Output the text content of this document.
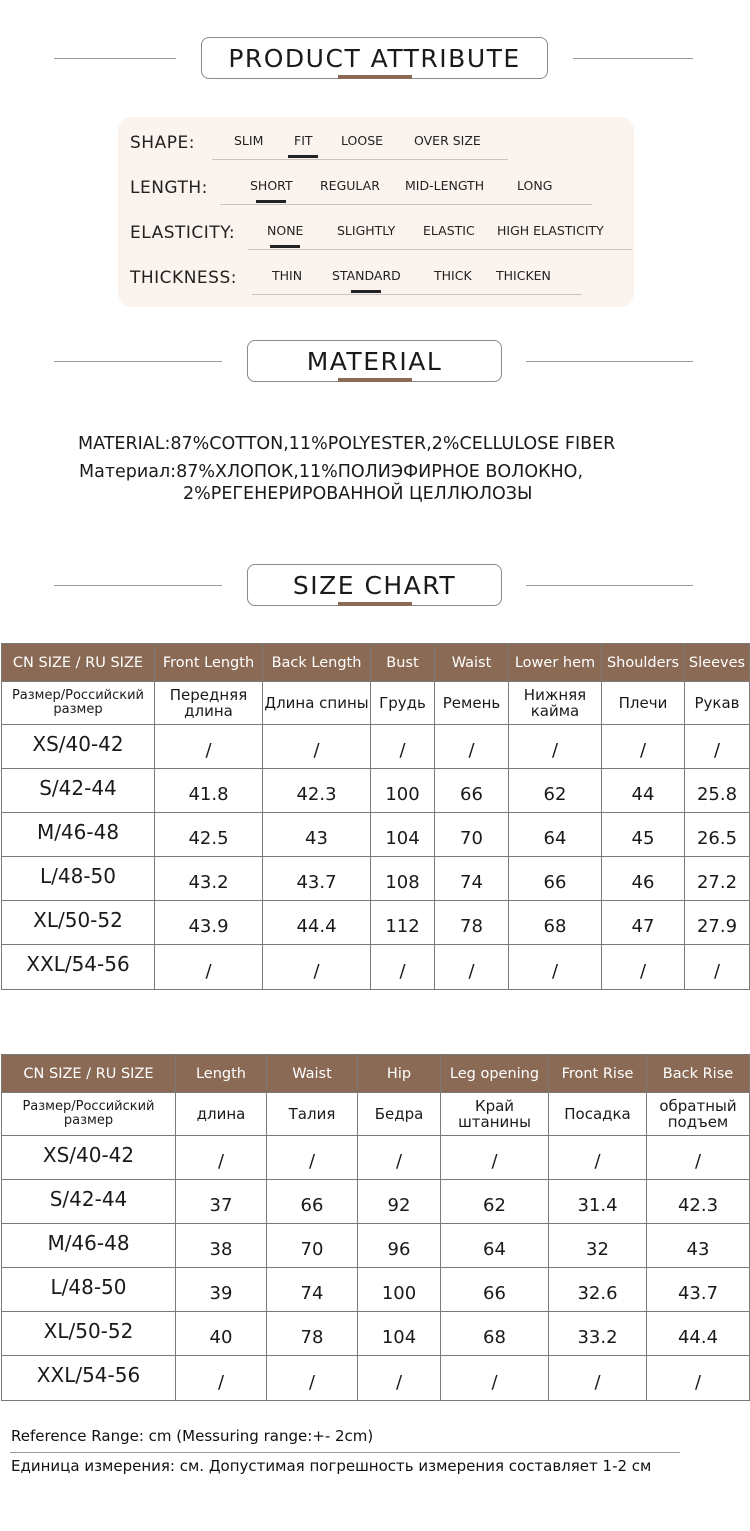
PRODUCT ATTRIBUTE
SHAPE:	SLIM FIT LOOSE OVER SIZE
LENGTH:	SHORT REGULAR MID-LENGTH	LONG
ELASTICITY:	NONE	SLIGHTLY ELASTIC HIGH ELASTICITY
THICKNESS:	THIN STANDARD	THICK THICKEN
MATERIAL
MATERIAL:87%COTTON,11%POLYESTER,2%CELLULOSE FIBER
Материал:87%ХЛОПОК,11%ПОЛИЭФИРНОЕ ВОЛОКНО,
2%РЕГЕНЕРИРОВАННОЙ ЦЕЛЛЮЛОЗЫ
SIZE CHART
CN SIZE / RU SIZE	Front Length	Back Length	Bust	Waist	Lower hem	Shoulders	Sleeves
Размер/Российский размер	Передняя длина	Длина спины	Грудь	Ремень	Нижняя кайма	Плечи	Рукав
XS/40-42	/	/	/	/	/	/	/
S/42-44	41.8	42.3	100	66	62	44	25.8
M/46-48	42.5	43	104	70	64	45	26.5
L/48-50	43.2	43.7	108	74	66	46	27.2
XL/50-52	43.9	44.4	112	78	68	47	27.9
XXL/54-56	/	/	/	/	/	/	/
CN SIZE / RU SIZE	Length	Waist	Hip	Leg opening	Front Rise	Back Rise
Размер/Российский размер	длина	Талия	Бедра	Край штанины	Посадка	обратный подъем
XS/40-42	/	/	/	/	/	/
S/42-44	37	66	92	62	31.4	42.3
M/46-48	38	70	96	64	32	43
L/48-50	39	74	100	66	32.6	43.7
XL/50-52	40	78	104	68	33.2	44.4
XXL/54-56	/	/	/	/	/	/
Reference Range: cm (Messuring range:+- 2cm)
Единица измерения: см. Допустимая погрешность измерения составляет 1-2 см
